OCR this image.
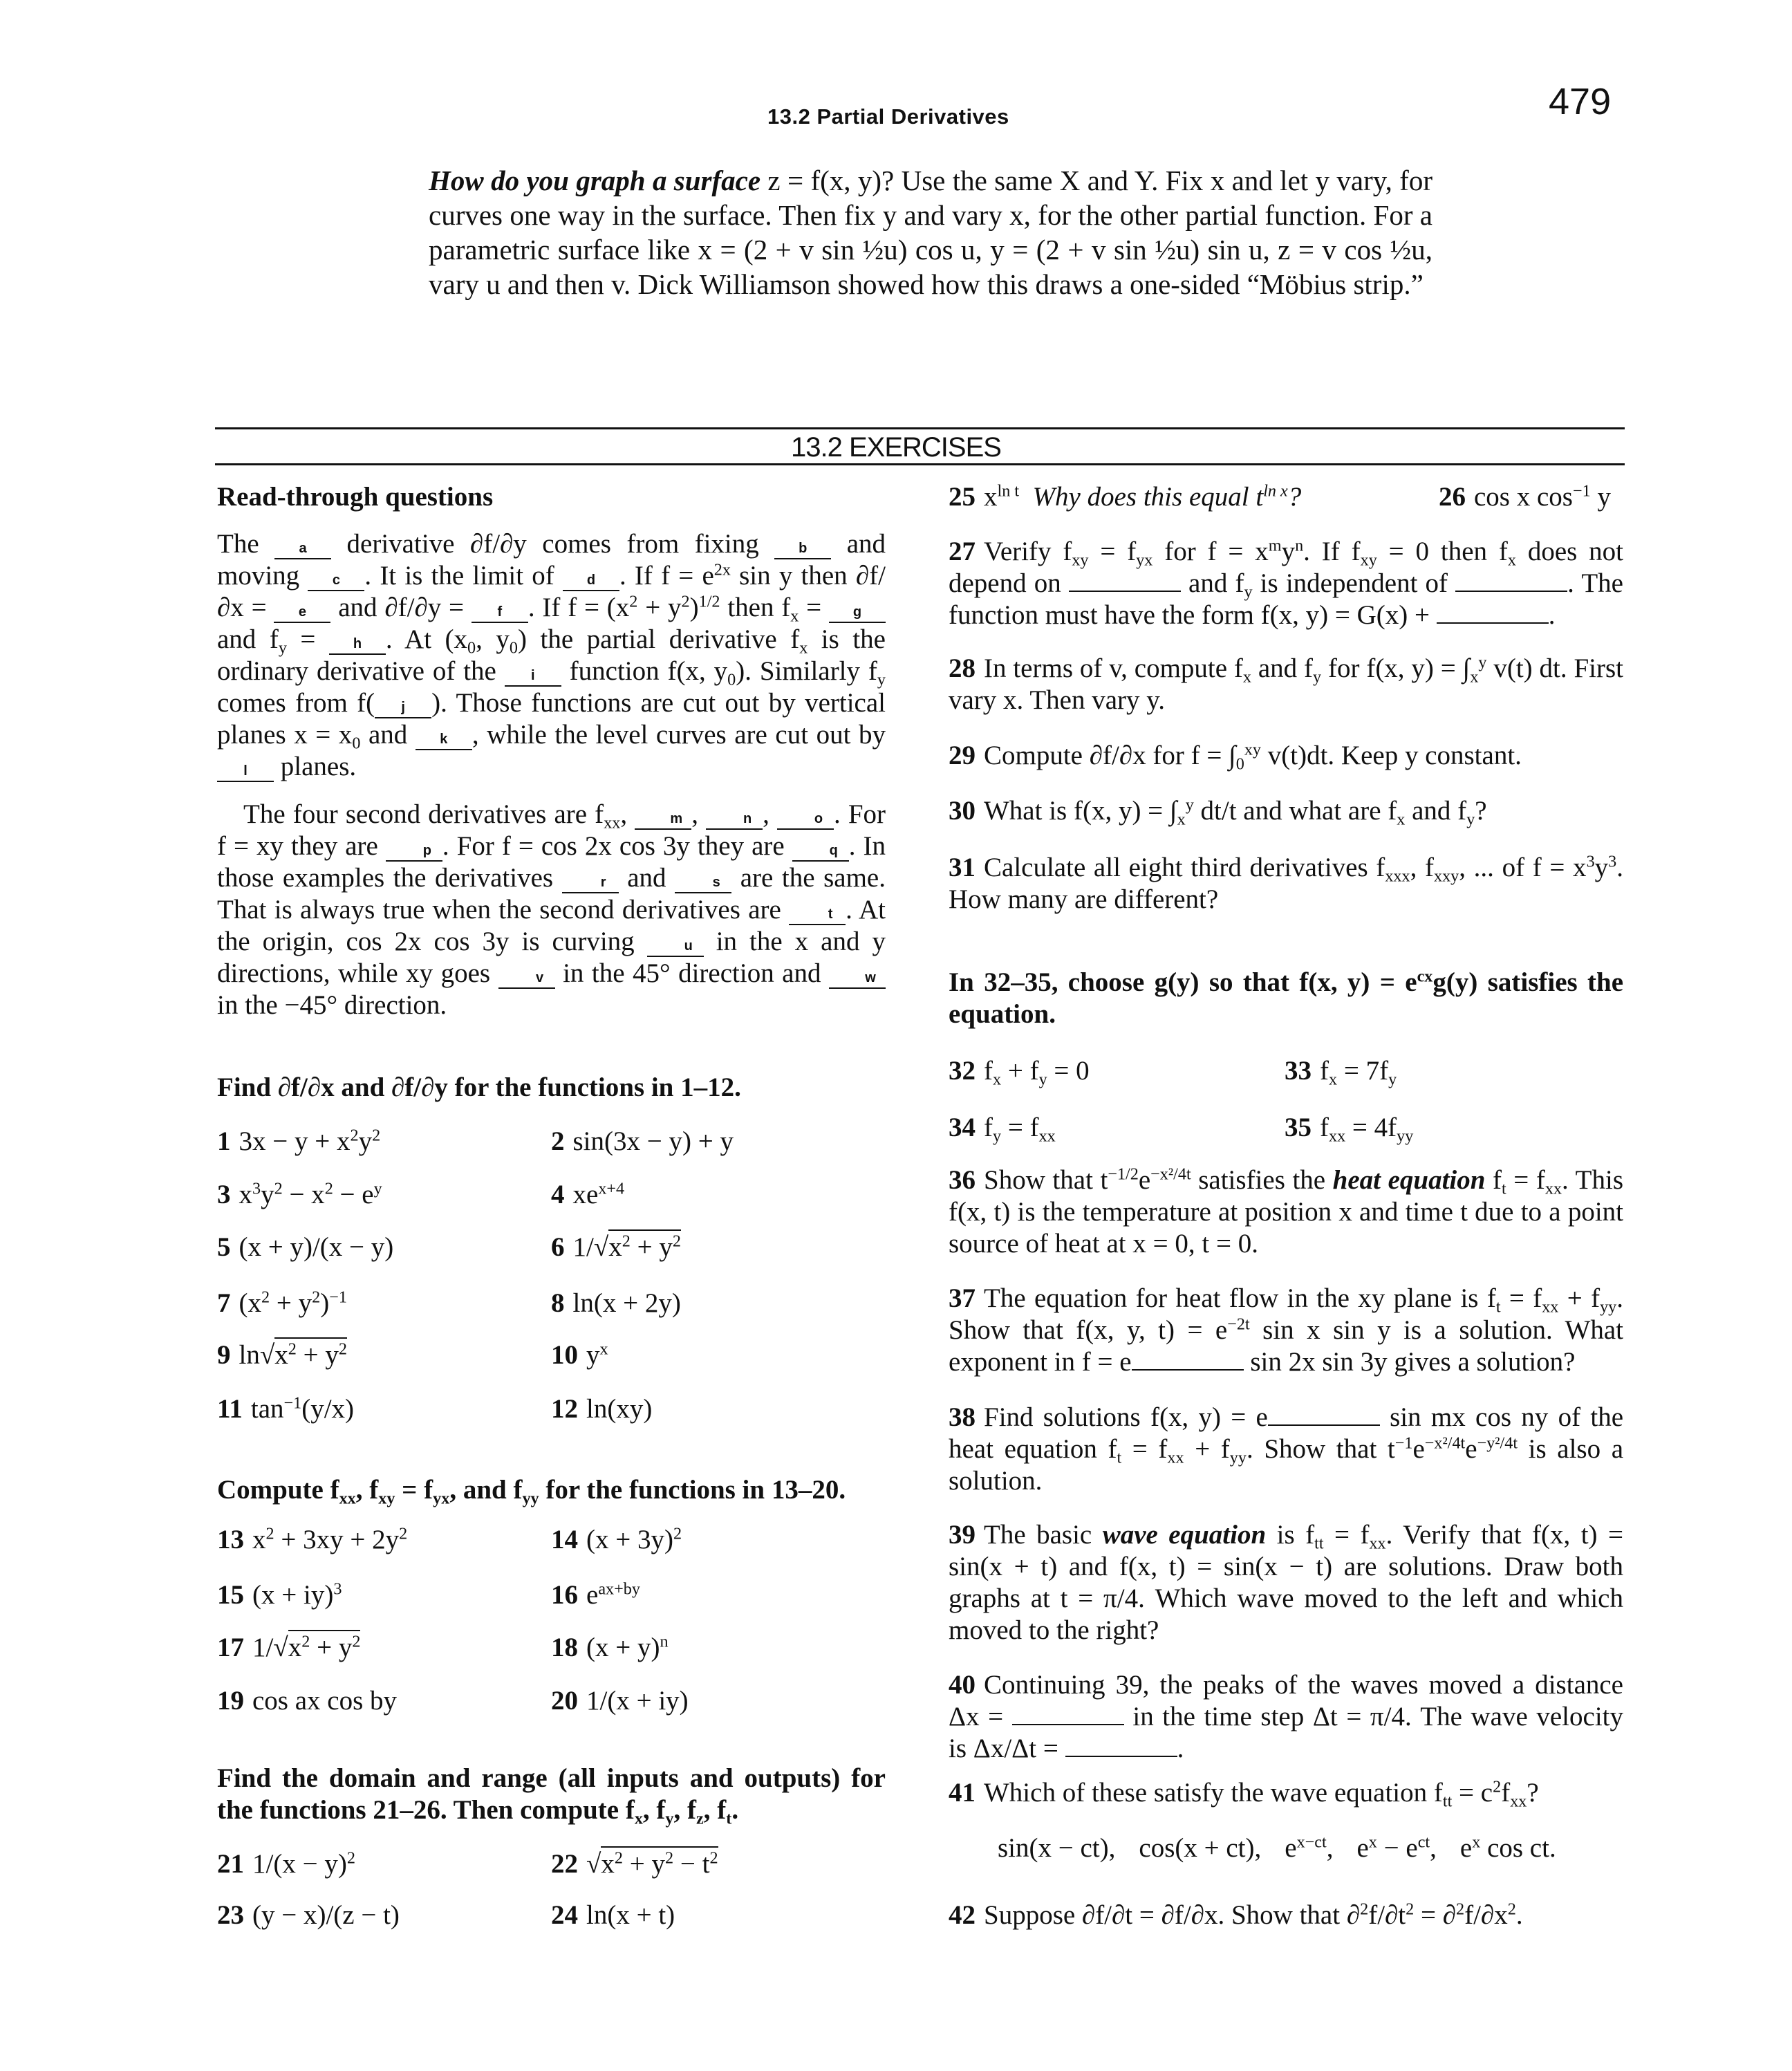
13.2 Partial Derivatives	479
How do you graph a surface z = f(x, y)? Use the same X and Y. Fix x and let y vary, for curves one way in the surface. Then fix y and vary x, for the other partial function. For a parametric surface like x = (2 + v sin ½u) cos u, y = (2 + v sin ½u) sin u, z = v cos ½u, vary u and then v. Dick Williamson showed how this draws a one-sided “Möbius strip.”
13.2 EXERCISES
Read-through questions
The a derivative ∂f/∂y comes from fixing b and moving c . It is the limit of d . If $f = e^{2x}$ sin y then ∂f/∂x = e and ∂f/∂y = f . If $f = (x^2 + y^2)^{1/2}$ then $f_x = g$ and $f_y = h$ . At ($x_0$, $y_0$) the partial derivative $f_x$ is the ordinary derivative of the i function f(x, $y_0$). Similarly $f_y$ comes from f( j ). Those functions are cut out by vertical planes $x = x_0$ and k , while the level curves are cut out by l planes.
The four second derivatives are $f_{xx}$,	m ,	n ,	o . For f = xy they are	p . For f = cos 2x cos 3y they are	q . In those examples the derivatives	r and	s are the same. That is always true when the second derivatives are	t . At the origin, cos 2x cos 3y is curving	u in the x and y directions, while xy goes	v in the 45° direction and	w in the −45° direction.
Find ∂f/∂x and ∂f/∂y for the functions in 1–12.
1 $3x - y + x^2y^2$	2 sin(3x − y) + y
3 $x^3y^2 - x^2 - e^y$	4 $xe^{x+4}$
5 (x + y)/(x − y)	6 $1/√x^2 + y^2$
7 $(x^2 + y^2)^{-1}$	8 ln(x + 2y)
9 $\ln√x^2 + y^2$	10 $y^x$
11 $\tan^{-1}(y/x)$	12 ln(xy)
Compute $f_{xx}$, $f_{xy} = f_{yx}$, and $f_{yy}$ for the functions in 13–20.
13 $x^2 + 3xy + 2y^2$	14 $(x + 3y)^2$
15 (x + iy)$^3$	16 $e^{ax+by}$
17 $1/√x^2 + y^2$	18 $(x + y)^n$
19 cos ax cos by	20 1/(x + iy)
Find the domain and range (all inputs and outputs) for the functions 21–26. Then compute $f_x$, $f_y$, $f_z$, $f_t$.
21 $1/(x - y)^2$	22 $√x^2 + y^2 - t^2$
23 (y − x)/(z − t)	24 ln(x + t)
25 $x^{ln t}$ Why does this equal $t^{ln x}$?	26 cos x $\cos^{-1} y$
27 Verify $f_{xy} = f_{yx}$ for $f = x^my^n$. If $f_{xy} = 0$ then $f_x$ does not depend on	and $f_y$ is independent of	. The function must have the form f(x, y) = G(x) +	.
28 In terms of v, compute $f_x$ and $f_y$ for f(x, $y) = \int_x^y$ v(t) dt. First vary x. Then vary y.
29 Compute ∂f/∂x for $f = \int_0^{xy}$ v(t)dt. Keep y constant.
30 What is f(x, $y) = \int_x^y$ dt/t and what are $f_x$ and $f_y$?
31 Calculate all eight third derivatives $f_{xxx}$, $f_{xxy}$, ... of $f = x^3y^3$. How many are different?
In 32–35, choose g(y) so that f(x, $y) = e^{cx}g(y)$ satisfies the equation.
32 $f_x + f_y = 0$	33 $f_x = 7f_y$
34 $f_y = f_{xx}$	35 $f_{xx} = 4f_{yy}$
36 Show that $t^{-1/2}e^{-x^2/4t}$ satisfies the heat equation $f_t = f_{xx}$. This f(x, t) is the temperature at position x and time t due to a point source of heat at x = 0, t = 0.
37 The equation for heat flow in the xy plane is $f_t = f_{xx} + f_{yy}$. Show that f(x, y, $t) = e^{-2t}$ sin x sin y is a solution. What exponent in f = e	sin 2x sin 3y gives a solution?
38 Find solutions f(x, y) = e	sin mx cos ny of the heat equation $f_t = f_{xx} + f_{yy}$. Show that $t^{-1}e^{-x^2/4t}e^{-y^2/4t}$ is also a solution.
39 The basic wave equation is $f_{tt} = f_{xx}$. Verify that f(x, t) = sin(x + t) and f(x, t) = sin(x − t) are solutions. Draw both graphs at t = π/4. Which wave moved to the left and which moved to the right?
40 Continuing 39, the peaks of the waves moved a distance Δx =	in the time step Δt = π/4. The wave velocity is Δx/Δt =	.
41 Which of these satisfy the wave equation $f_{tt} = c^2f_{xx}$?
sin(x − ct), cos(x + ct), $e^{x-ct}$, $e^x - e^{ct}$, $e^x$ cos ct.
42 Suppose ∂f/∂t = ∂f/∂x. Show that $\partial^2f/\partial t^2 = \partial^2f/\partial x^2$.
